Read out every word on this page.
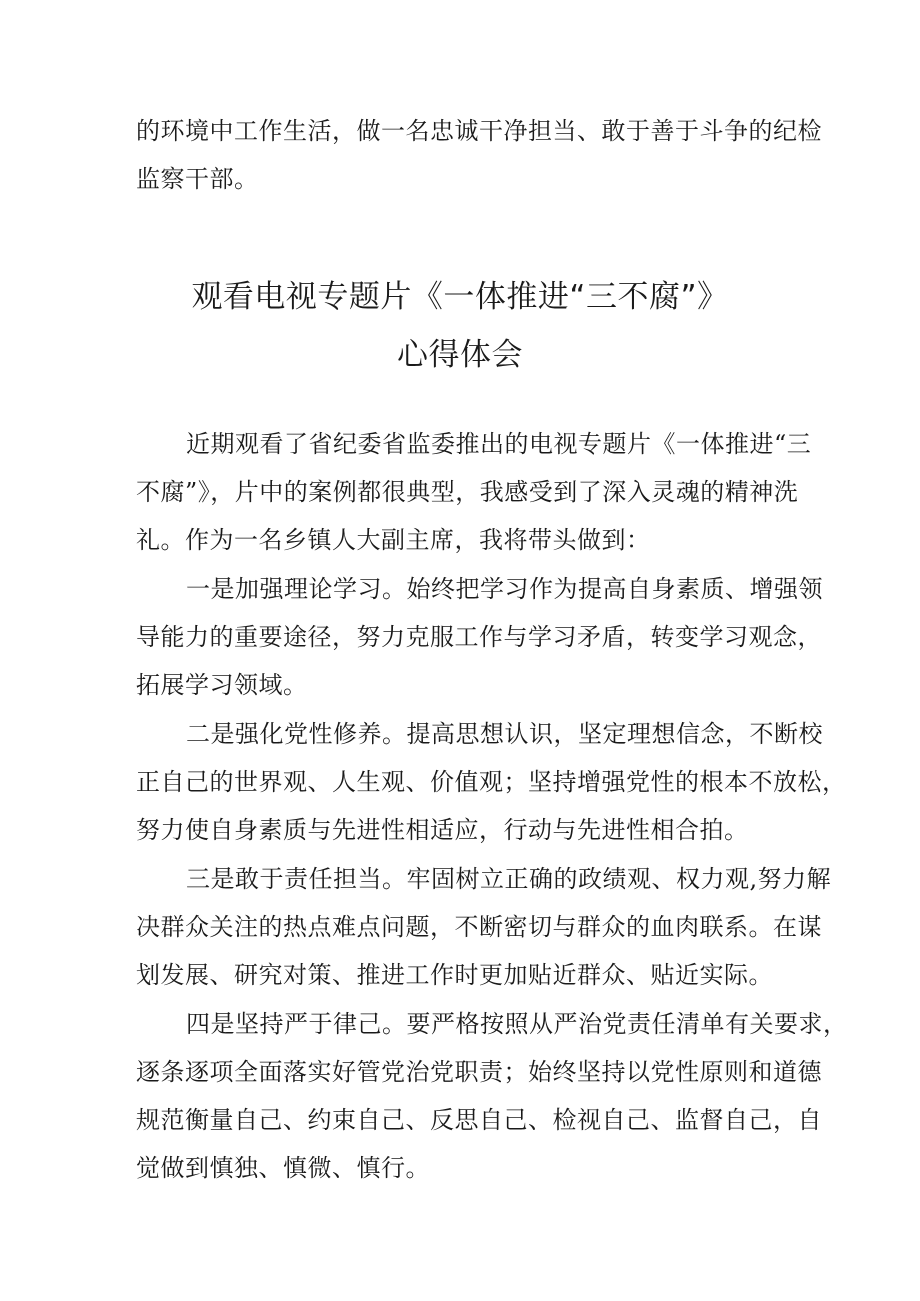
的环境中工作生活，做一名忠诚干净担当、敢于善于斗争的纪检
监察干部。
观看电视专题片《一体推进“三不腐”》
心得体会
近期观看了省纪委省监委推出的电视专题片《一体推进“三
不腐”》，片中的案例都很典型，我感受到了深入灵魂的精神洗
礼。作为一名乡镇人大副主席，我将带头做到：
一是加强理论学习。始终把学习作为提高自身素质、增强领
导能力的重要途径，努力克服工作与学习矛盾，转变学习观念，
拓展学习领域。
二是强化党性修养。提高思想认识，坚定理想信念，不断校
正自己的世界观、人生观、价值观；坚持增强党性的根本不放松，
努力使自身素质与先进性相适应，行动与先进性相合拍。
三是敢于责任担当。牢固树立正确的政绩观、权力观,努力解
决群众关注的热点难点问题，不断密切与群众的血肉联系。在谋
划发展、研究对策、推进工作时更加贴近群众、贴近实际。
四是坚持严于律己。要严格按照从严治党责任清单有关要求，
逐条逐项全面落实好管党治党职责；始终坚持以党性原则和道德
规范衡量自己、约束自己、反思自己、检视自己、监督自己，自
觉做到慎独、慎微、慎行。
